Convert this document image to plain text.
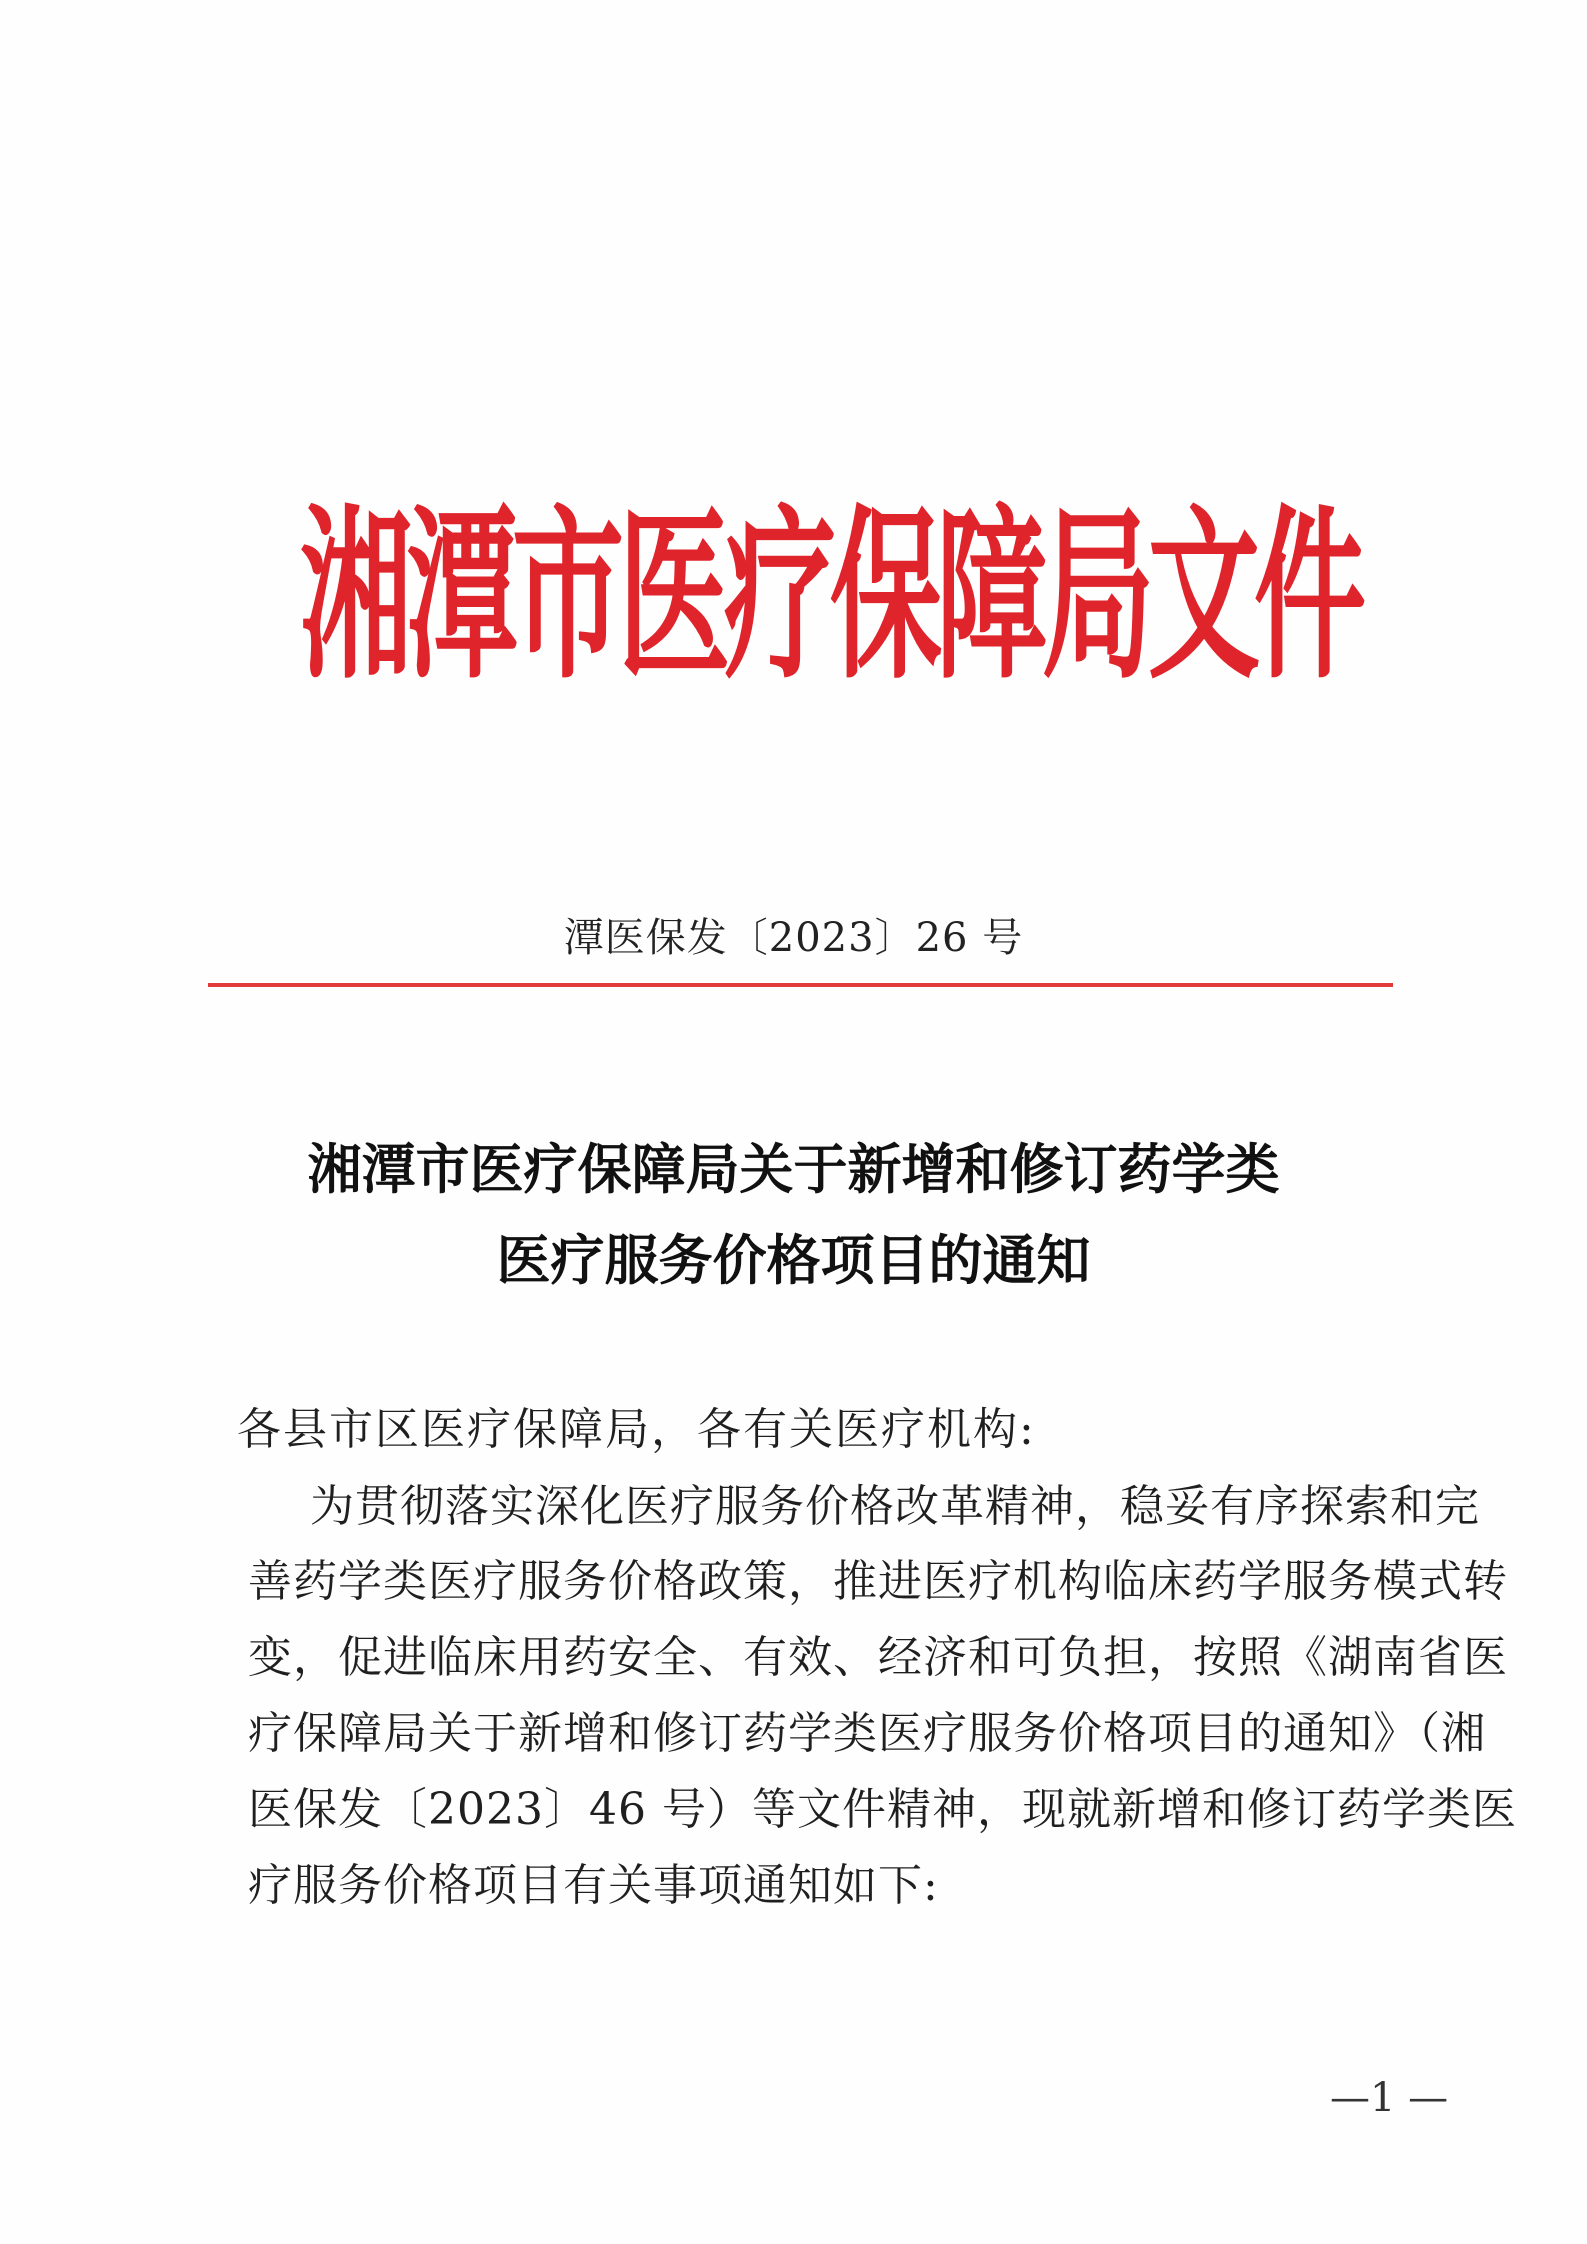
湘潭市医疗保障局文件
潭医保发〔2023〕26 号
湘潭市医疗保障局关于新增和修订药学类
医疗服务价格项目的通知
各县市区医疗保障局，各有关医疗机构:
为贯彻落实深化医疗服务价格改革精神，稳妥有序探索和完
善药学类医疗服务价格政策，推进医疗机构临床药学服务模式转
变，促进临床用药安全、有效、经济和可负担，按照《湖南省医
疗保障局关于新增和修订药学类医疗服务价格项目的通知》（湘
医保发〔2023〕46 号）等文件精神，现就新增和修订药学类医
疗服务价格项目有关事项通知如下:
—1 —
